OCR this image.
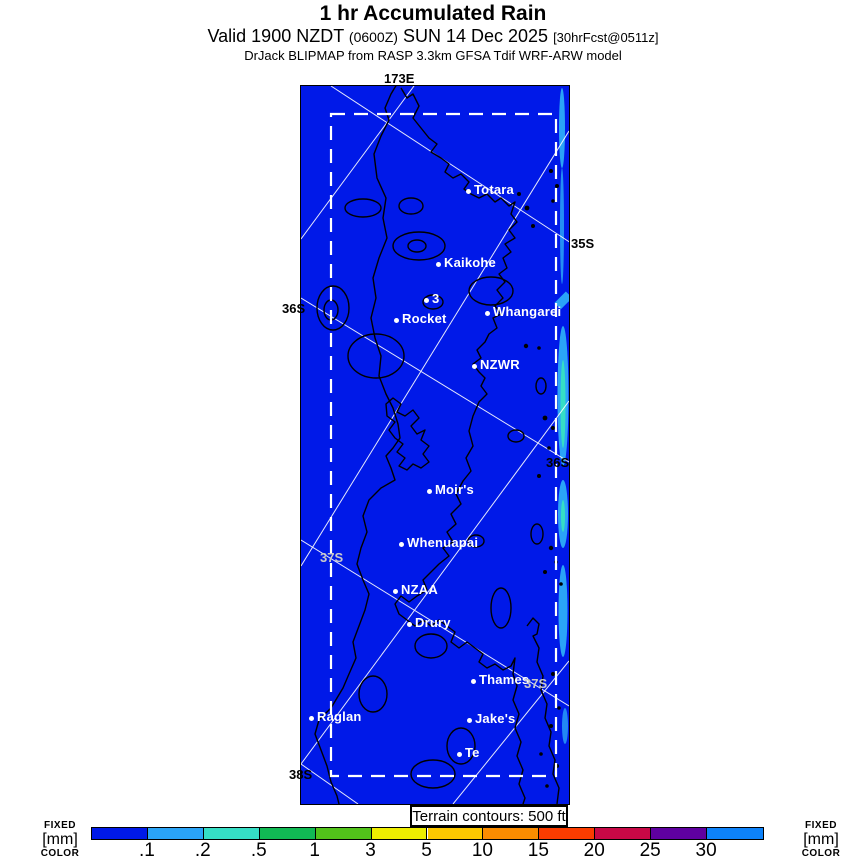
1 hr Accumulated Rain
Valid 1900 NZDT (0600Z) SUN 14 Dec 2025 [30hrFcst@0511z]
DrJack BLIPMAP from RASP 3.3km GFSA Tdif WRF-ARW model
173E
Totara
Kaikohe
3
Rocket	Whangarei
NZWR
Moir's
Whenuapai
NZAA
Drury
Thames
Raglan	Jake's
Te
Terrain contours: 500 ft
FIXED
[mm]
COLOR
FIXED
[mm]
COLOR
35S
36S
36S
37S
37S
38S
.1 .2 .5 1 3 5 10 15 20 25 30
